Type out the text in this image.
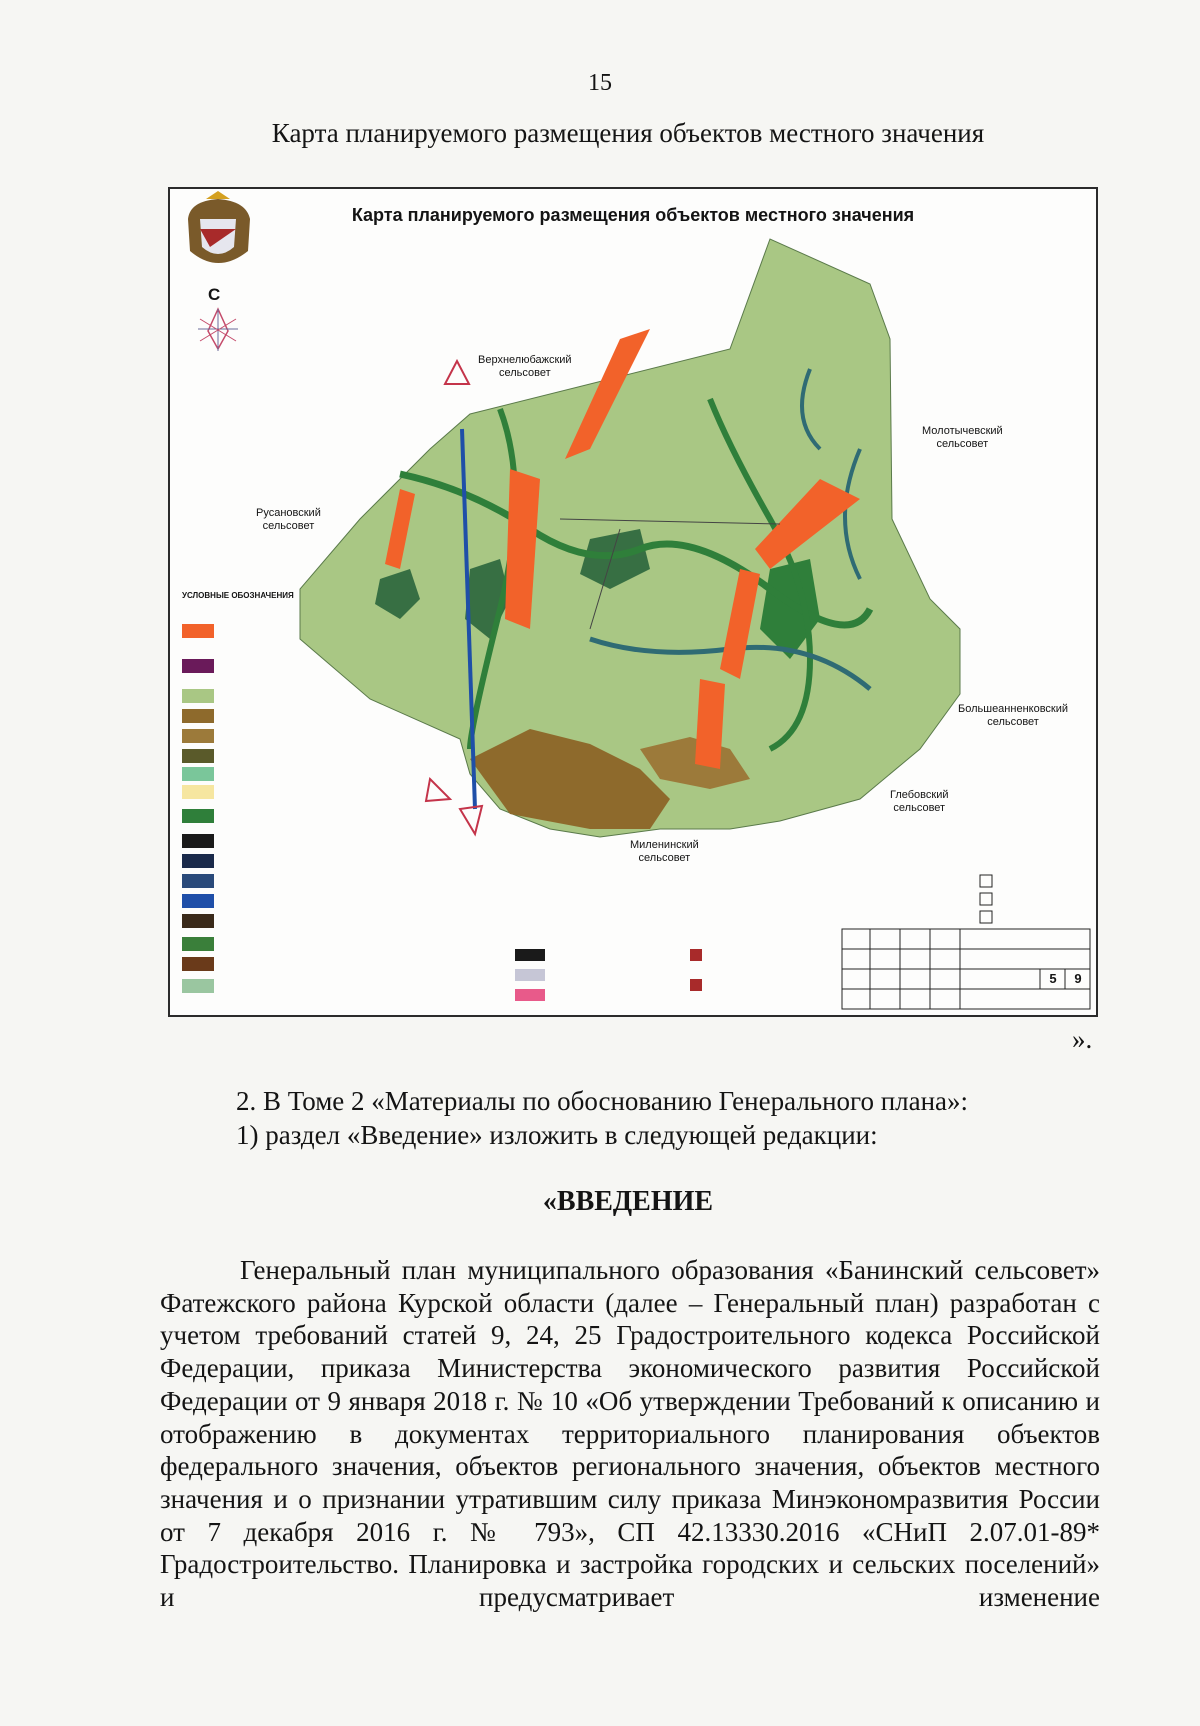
15
Карта планируемого размещения объектов местного значения
Карта планируемого размещения объектов местного значения
С
Верхнелюбажский
сельсовет
Молотычевский
сельсовет
Русановский
сельсовет
Большеанненковский
сельсовет
Глебовский
сельсовет
Миленинский
сельсовет
УСЛОВНЫЕ ОБОЗНАЧЕНИЯ
5	9
».
2. В Томе 2 «Материалы по обоснованию Генерального плана»:
1) раздел «Введение» изложить в следующей редакции:
«ВВЕДЕНИЕ
Генеральный план муниципального образования «Банинский сельсовет» Фатежского района Курской области (далее – Генеральный план) разработан с учетом требований статей 9, 24, 25 Градостроительного кодекса Российской Федерации, приказа Министерства экономического развития Российской Федерации от 9 января 2018 г. № 10 «Об утверждении Требований к описанию и отображению в документах территориального планирования объектов федерального значения, объектов регионального значения, объектов местного значения и о признании утратившим силу приказа Минэкономразвития России от 7 декабря 2016 г. № 793», СП 42.13330.2016 «СНиП 2.07.01-89* Градостроительство. Планировка и застройка городских и сельских поселений» и предусматривает изменение
